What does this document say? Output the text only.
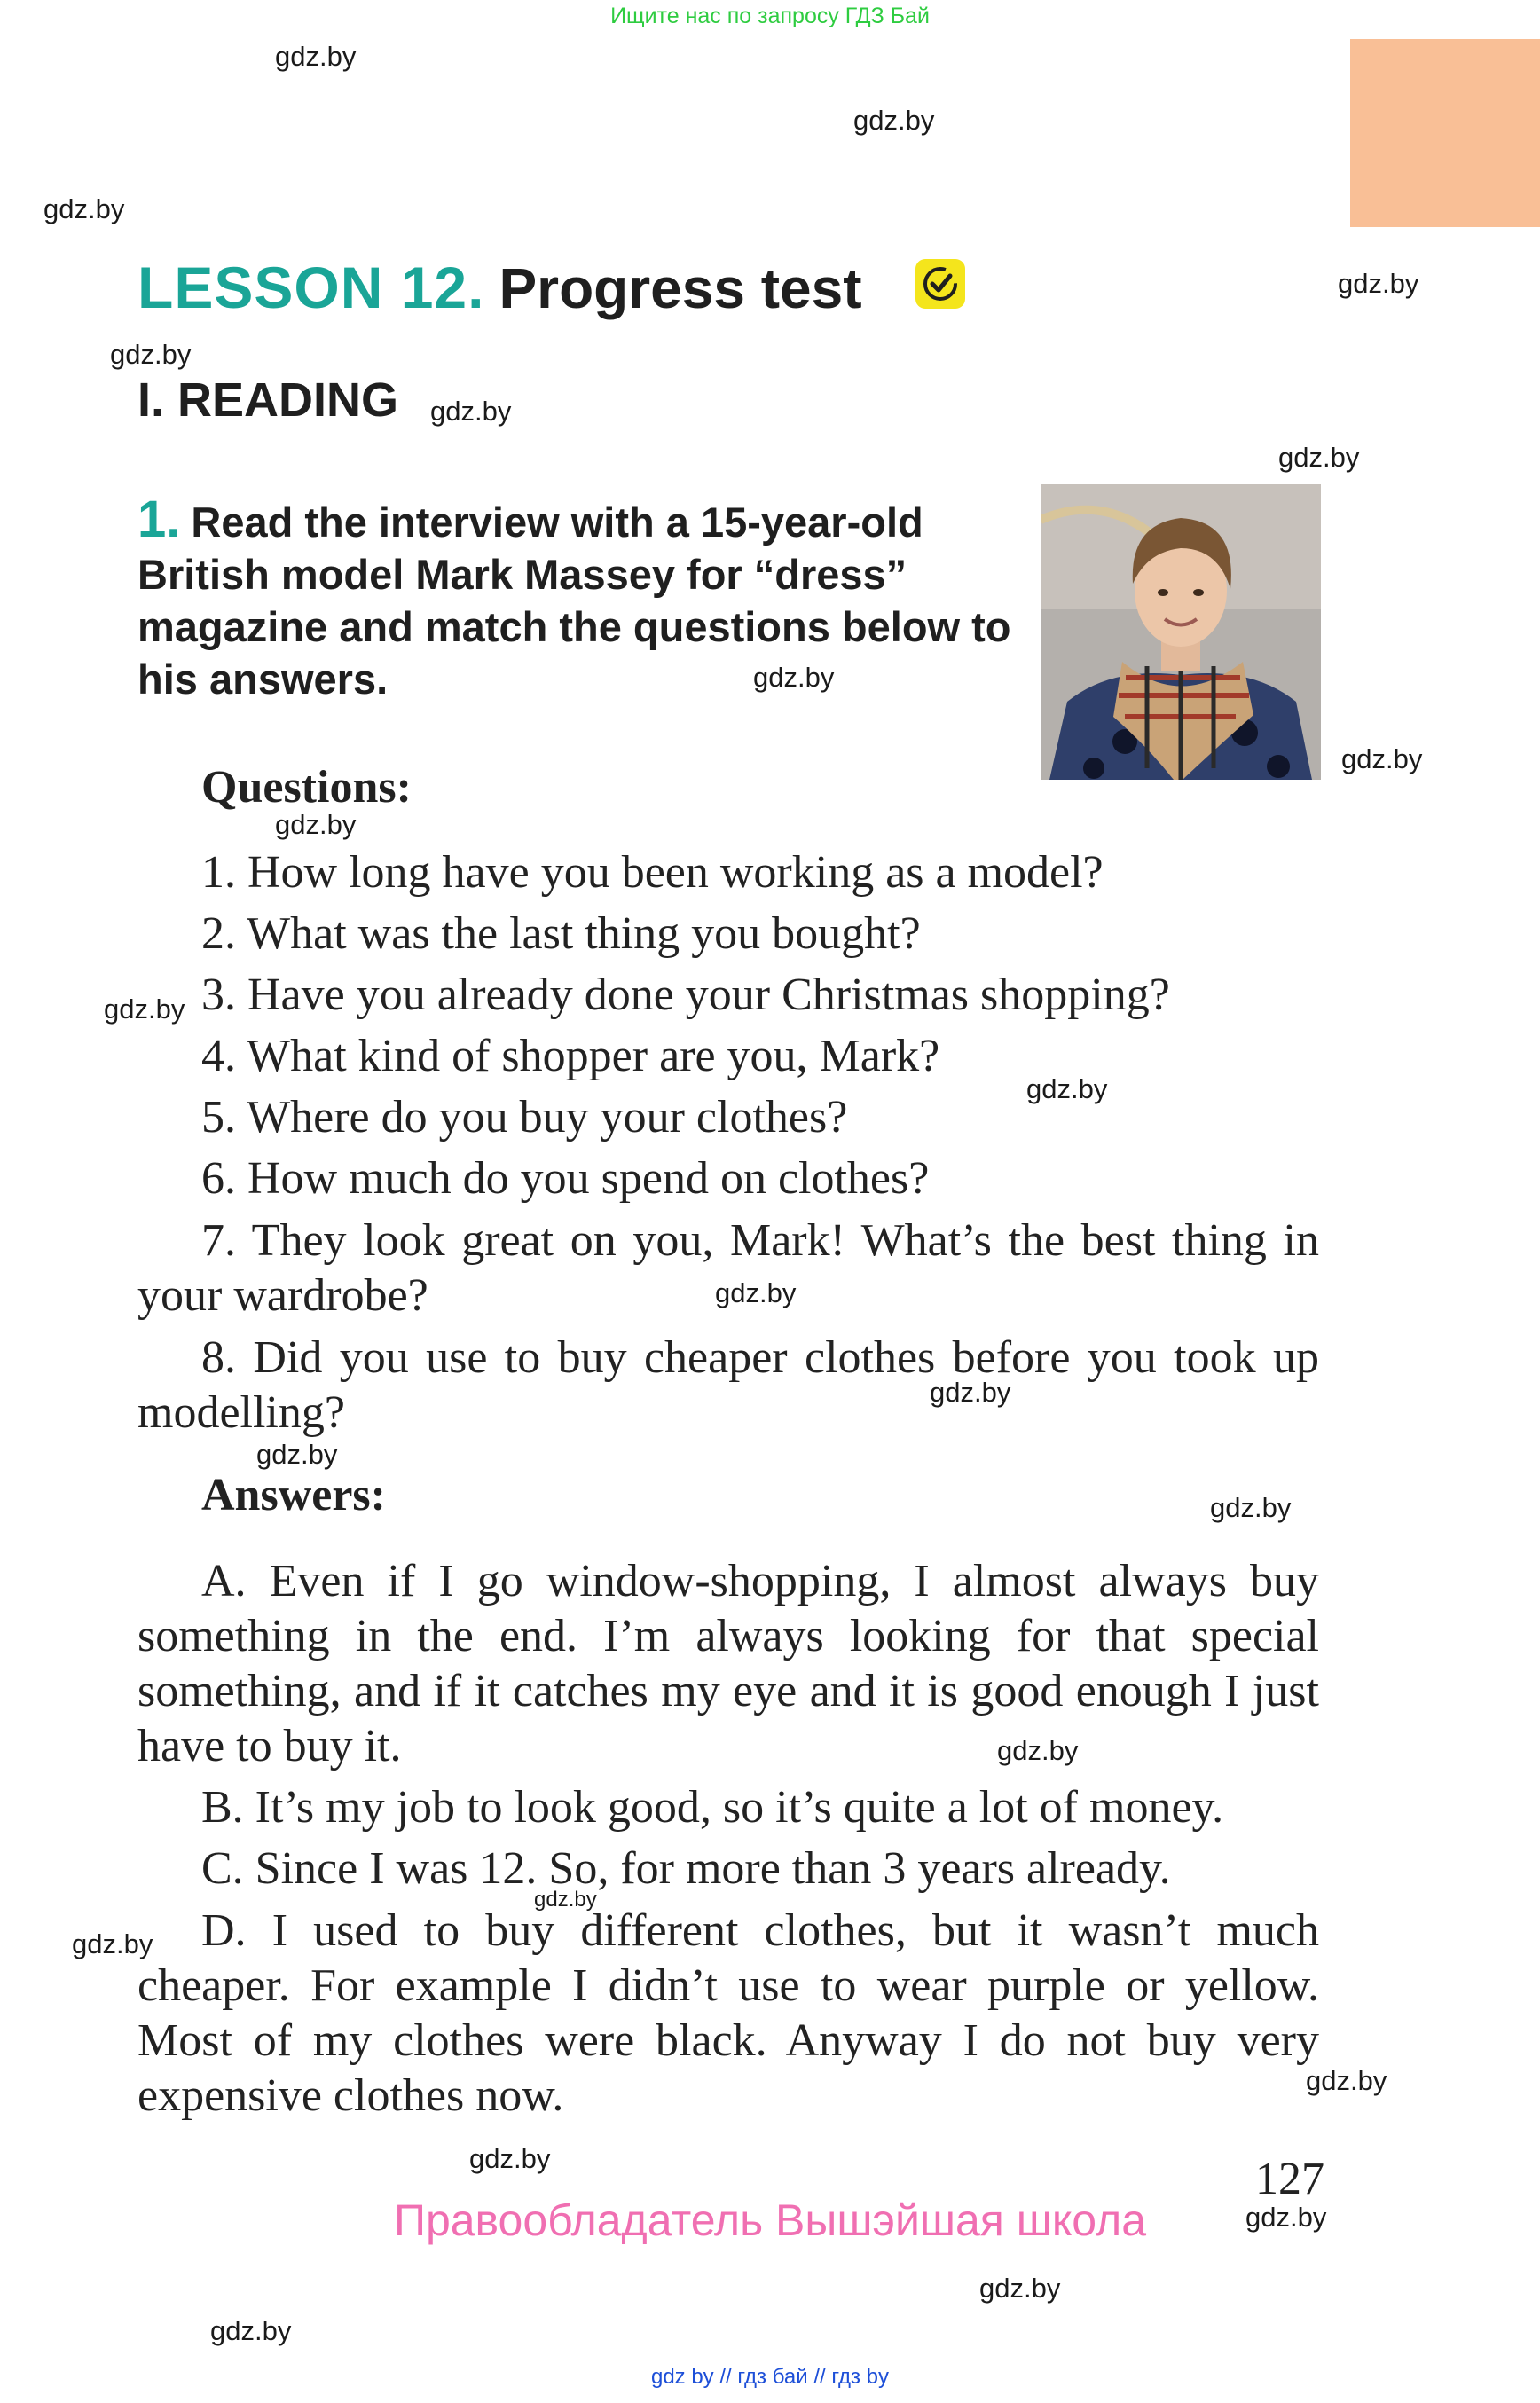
Ищите нас по запросу ГДЗ Бай
gdz.by
gdz.by
gdz.by
gdz.by
gdz.by
gdz.by
gdz.by
gdz.by
gdz.by
gdz.by
gdz.by
gdz.by
gdz.by
gdz.by
gdz.by
gdz.by
gdz.by
gdz.by
gdz.by
gdz.by
gdz.by
gdz.by
gdz.by
gdz.by
LESSON 12. Progress test
I. READING
1. Read the interview with a 15-year-old British model Mark Massey for “dress” magazine and match the questions below to his answers.
Questions:
1. How long have you been working as a model?
2. What was the last thing you bought?
3. Have you already done your Christmas shopping?
4. What kind of shopper are you, Mark?
5. Where do you buy your clothes?
6. How much do you spend on clothes?
7. They look great on you, Mark! What’s the best thing in your wardrobe?
8. Did you use to buy cheaper clothes before you took up modelling?
Answers:
A. Even if I go window-shopping, I almost always buy something in the end. I’m always looking for that special something, and if it catches my eye and it is good enough I just have to buy it.
B. It’s my job to look good, so it’s quite a lot of money.
C. Since I was 12. So, for more than 3 years already.
D. I used to buy different clothes, but it wasn’t much cheaper. For example I didn’t use to wear purple or yellow. Most of my clothes were black. Anyway I do not buy very expensive clothes now.
127
Правообладатель Вышэйшая школа
gdz by // гдз бай // гдз by
